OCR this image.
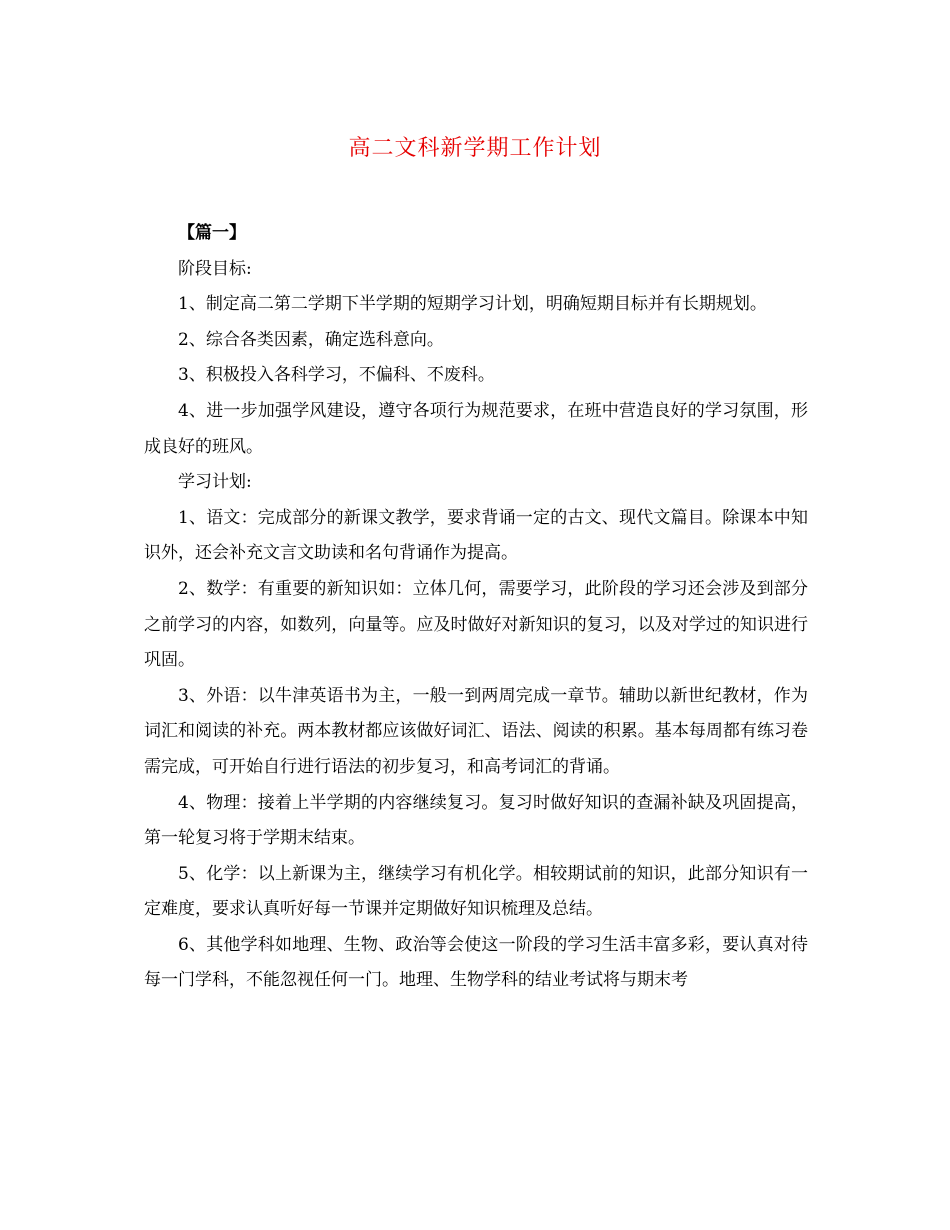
高二文科新学期工作计划

【篇一】

阶段目标:

1、制定高二第二学期下半学期的短期学习计划，明确短期目标并有长期规划。

2、综合各类因素，确定选科意向。

3、积极投入各科学习，不偏科、不废科。

4、进一步加强学风建设，遵守各项行为规范要求，在班中营造良好的学习氛围，形成良好的班风。

学习计划:

1、语文：完成部分的新课文教学，要求背诵一定的古文、现代文篇目。除课本中知识外，还会补充文言文助读和名句背诵作为提高。

2、数学：有重要的新知识如：立体几何，需要学习，此阶段的学习还会涉及到部分之前学习的内容，如数列，向量等。应及时做好对新知识的复习，以及对学过的知识进行巩固。

3、外语：以牛津英语书为主，一般一到两周完成一章节。辅助以新世纪教材，作为词汇和阅读的补充。两本教材都应该做好词汇、语法、阅读的积累。基本每周都有练习卷需完成，可开始自行进行语法的初步复习，和高考词汇的背诵。

4、物理：接着上半学期的内容继续复习。复习时做好知识的查漏补缺及巩固提高，第一轮复习将于学期末结束。

5、化学：以上新课为主，继续学习有机化学。相较期试前的知识，此部分知识有一定难度，要求认真听好每一节课并定期做好知识梳理及总结。

6、其他学科如地理、生物、政治等会使这一阶段的学习生活丰富多彩，要认真对待每一门学科，不能忽视任何一门。地理、生物学科的结业考试将与期末考
